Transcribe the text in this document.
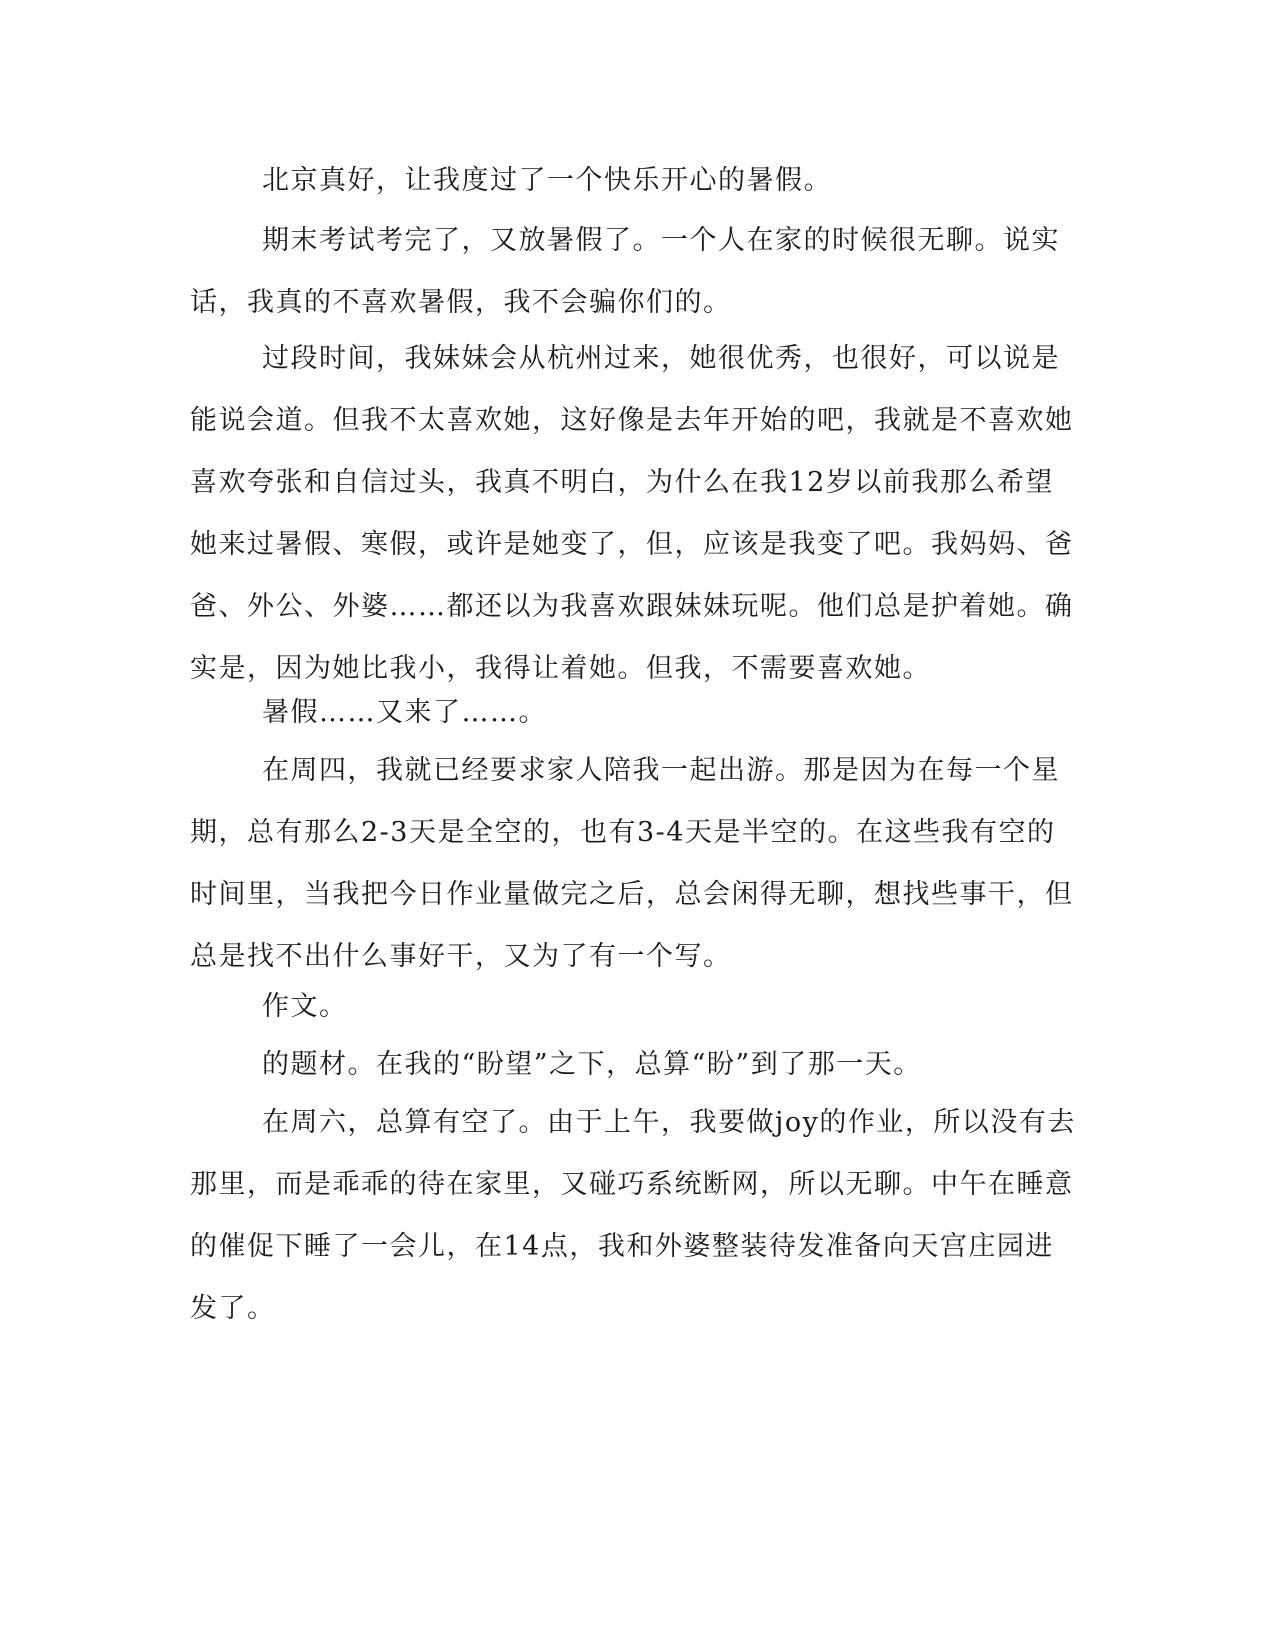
北京真好，让我度过了一个快乐开心的暑假。

期末考试考完了，又放暑假了。一个人在家的时候很无聊。说实话，我真的不喜欢暑假，我不会骗你们的。

过段时间，我妹妹会从杭州过来，她很优秀，也很好，可以说是能说会道。但我不太喜欢她，这好像是去年开始的吧，我就是不喜欢她喜欢夸张和自信过头，我真不明白，为什么在我12岁以前我那么希望她来过暑假、寒假，或许是她变了，但，应该是我变了吧。我妈妈、爸爸、外公、外婆……都还以为我喜欢跟妹妹玩呢。他们总是护着她。确实是，因为她比我小，我得让着她。但我，不需要喜欢她。

暑假……又来了……。

在周四，我就已经要求家人陪我一起出游。那是因为在每一个星期，总有那么2-3天是全空的，也有3-4天是半空的。在这些我有空的时间里，当我把今日作业量做完之后，总会闲得无聊，想找些事干，但总是找不出什么事好干，又为了有一个写。

作文。

的题材。在我的“盼望”之下，总算“盼”到了那一天。

在周六，总算有空了。由于上午，我要做joy的作业，所以没有去那里，而是乖乖的待在家里，又碰巧系统断网，所以无聊。中午在睡意的催促下睡了一会儿，在14点，我和外婆整装待发准备向天宫庄园进发了。
